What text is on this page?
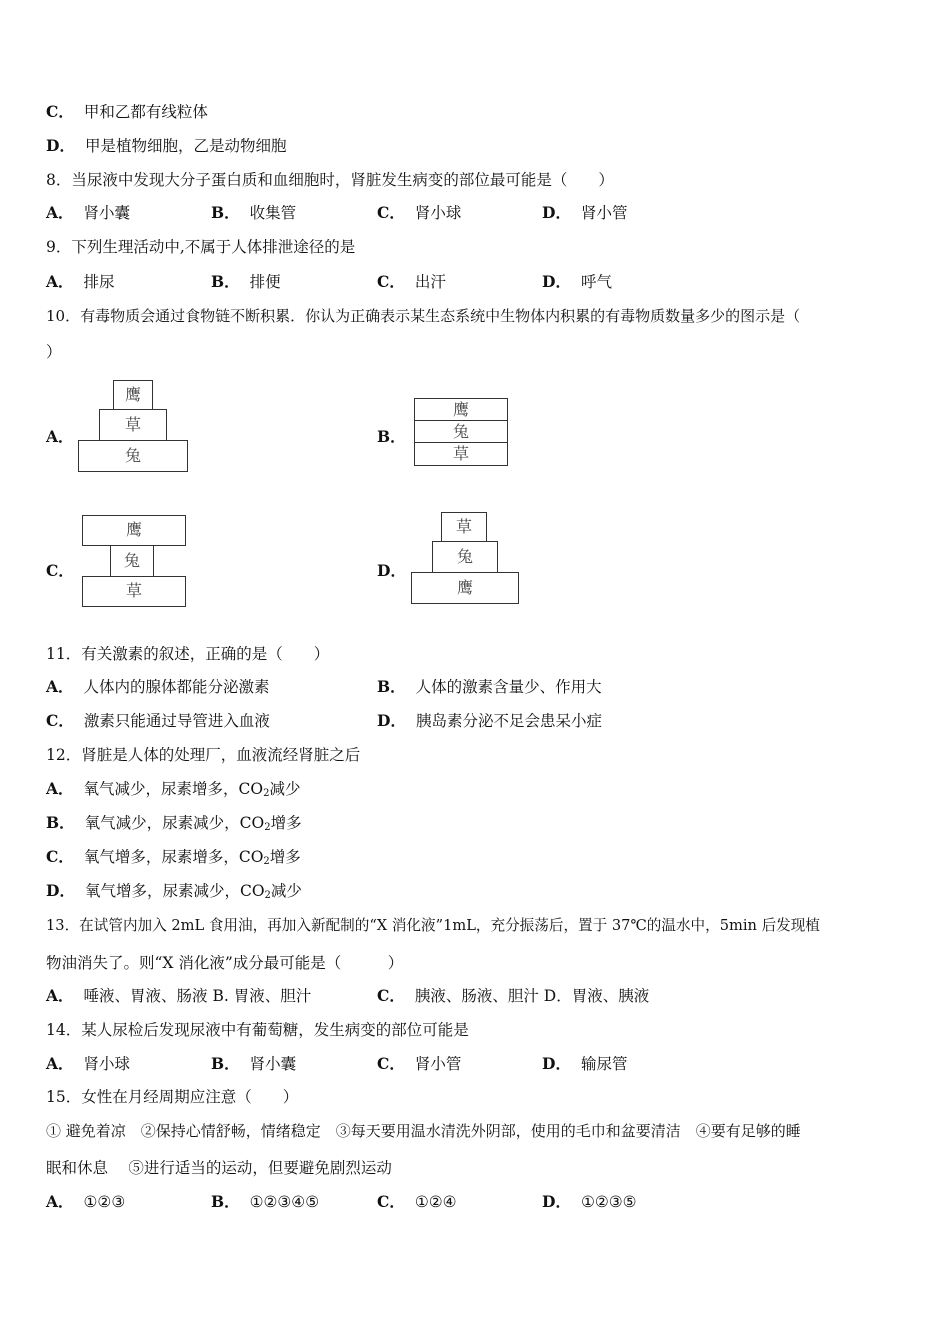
C． 甲和乙都有线粒体
D． 甲是植物细胞，乙是动物细胞
8．当尿液中发现大分子蛋白质和血细胞时，肾脏发生病变的部位最可能是（　　）
A． 肾小囊	B． 收集管	C． 肾小球	D． 肾小管
9．下列生理活动中,不属于人体排泄途径的是
A． 排尿	B． 排便	C． 出汗	D． 呼气
10．有毒物质会通过食物链不断积累．你认为正确表示某生态系统中生物体内积累的有毒物质数量多少的图示是（
）
A．
鹰
草
兔
B．
鹰
兔
草
C．
鹰
兔
草
D．
草
兔
鹰
11．有关激素的叙述，正确的是（　　）
A． 人体内的腺体都能分泌激素	B． 人体的激素含量少、作用大
C． 激素只能通过导管进入血液	D． 胰岛素分泌不足会患呆小症
12．肾脏是人体的处理厂，血液流经肾脏之后
A． 氧气减少，尿素增多，$CO_2$减少
B． 氧气减少，尿素减少，$CO_2$增多
C． 氧气增多，尿素增多，$CO_2$增多
D． 氧气增多，尿素减少，$CO_2$减少
13．在试管内加入 2mL 食用油，再加入新配制的“X 消化液”1mL，充分振荡后，置于 37℃的温水中，5min 后发现植
物油消失了。则“X 消化液”成分最可能是（　　　）
A． 唾液、胃液、肠液 B. 胃液、胆汁	C． 胰液、肠液、胆汁 D．胃液、胰液
14．某人尿检后发现尿液中有葡萄糖，发生病变的部位可能是
A． 肾小球	B． 肾小囊	C． 肾小管	D． 输尿管
15．女性在月经周期应注意（　　）
① 避免着凉　②保持心情舒畅，情绪稳定　③每天要用温水清洗外阴部，使用的毛巾和盆要清洁　④要有足够的睡
眠和休息　 ⑤进行适当的运动，但要避免剧烈运动
A． ①②③	B． ①②③④⑤	C． ①②④	D． ①②③⑤
